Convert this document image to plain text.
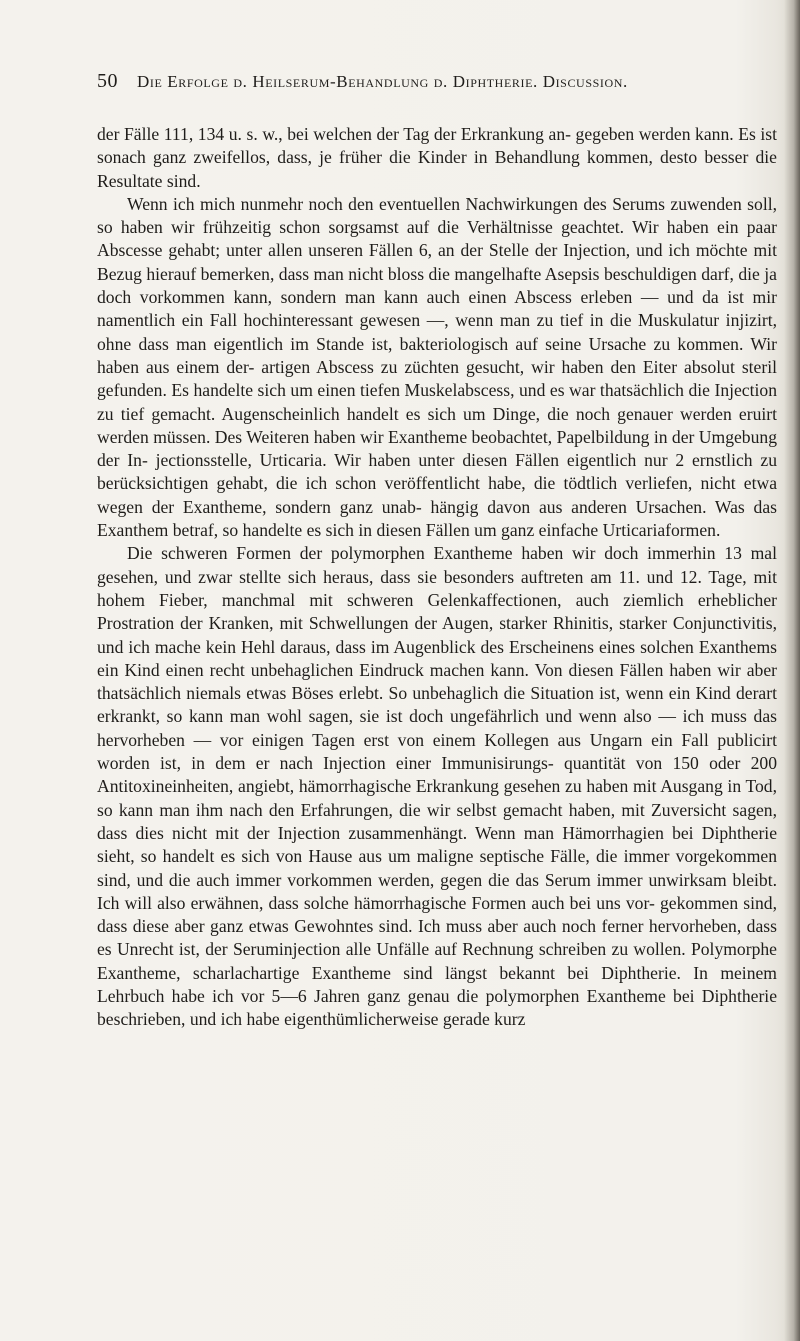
50	Die Erfolge d. Heilserum-Behandlung d. Diphtherie. Discussion.

der Fälle 111, 134 u. s. w., bei welchen der Tag der Erkrankung an- gegeben werden kann. Es ist sonach ganz zweifellos, dass, je früher die Kinder in Behandlung kommen, desto besser die Resultate sind.

Wenn ich mich nunmehr noch den eventuellen Nachwirkungen des Serums zuwenden soll, so haben wir frühzeitig schon sorgsamst auf die Verhältnisse geachtet. Wir haben ein paar Abscesse gehabt; unter allen unseren Fällen 6, an der Stelle der Injection, und ich möchte mit Bezug hierauf bemerken, dass man nicht bloss die mangelhafte Asepsis beschuldigen darf, die ja doch vorkommen kann, sondern man kann auch einen Abscess erleben — und da ist mir namentlich ein Fall hochinteressant gewesen —, wenn man zu tief in die Muskulatur injizirt, ohne dass man eigentlich im Stande ist, bakteriologisch auf seine Ursache zu kommen. Wir haben aus einem der- artigen Abscess zu züchten gesucht, wir haben den Eiter absolut steril gefunden. Es handelte sich um einen tiefen Muskelabscess, und es war thatsächlich die Injection zu tief gemacht. Augenscheinlich handelt es sich um Dinge, die noch genauer werden eruirt werden müssen. Des Weiteren haben wir Exantheme beobachtet, Papelbildung in der Umgebung der In- jectionsstelle, Urticaria. Wir haben unter diesen Fällen eigentlich nur 2 ernstlich zu berücksichtigen gehabt, die ich schon veröffentlicht habe, die tödtlich verliefen, nicht etwa wegen der Exantheme, sondern ganz unab- hängig davon aus anderen Ursachen. Was das Exanthem betraf, so handelte es sich in diesen Fällen um ganz einfache Urticariaformen.

Die schweren Formen der polymorphen Exantheme haben wir doch immerhin 13 mal gesehen, und zwar stellte sich heraus, dass sie besonders auftreten am 11. und 12. Tage, mit hohem Fieber, manchmal mit schweren Gelenkaffectionen, auch ziemlich erheblicher Prostration der Kranken, mit Schwellungen der Augen, starker Rhinitis, starker Conjunctivitis, und ich mache kein Hehl daraus, dass im Augenblick des Erscheinens eines solchen Exanthems ein Kind einen recht unbehaglichen Eindruck machen kann. Von diesen Fällen haben wir aber thatsächlich niemals etwas Böses erlebt. So unbehaglich die Situation ist, wenn ein Kind derart erkrankt, so kann man wohl sagen, sie ist doch ungefährlich und wenn also — ich muss das hervorheben — vor einigen Tagen erst von einem Kollegen aus Ungarn ein Fall publicirt worden ist, in dem er nach Injection einer Immunisirungs- quantität von 150 oder 200 Antitoxineinheiten, angiebt, hämorrhagische Erkrankung gesehen zu haben mit Ausgang in Tod, so kann man ihm nach den Erfahrungen, die wir selbst gemacht haben, mit Zuversicht sagen, dass dies nicht mit der Injection zusammenhängt. Wenn man Hämorrhagien bei Diphtherie sieht, so handelt es sich von Hause aus um maligne septische Fälle, die immer vorgekommen sind, und die auch immer vorkommen werden, gegen die das Serum immer unwirksam bleibt. Ich will also erwähnen, dass solche hämorrhagische Formen auch bei uns vor- gekommen sind, dass diese aber ganz etwas Gewohntes sind. Ich muss aber auch noch ferner hervorheben, dass es Unrecht ist, der Seruminjection alle Unfälle auf Rechnung schreiben zu wollen. Polymorphe Exantheme, scharlachartige Exantheme sind längst bekannt bei Diphtherie. In meinem Lehrbuch habe ich vor 5—6 Jahren ganz genau die polymorphen Exantheme bei Diphtherie beschrieben, und ich habe eigenthümlicherweise gerade kurz
